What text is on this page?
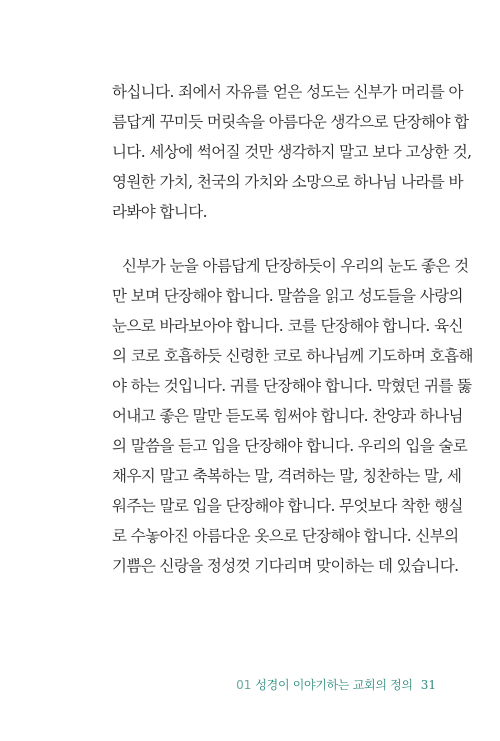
하십니다. 죄에서 자유를 얻은 성도는 신부가 머리를 아
름답게 꾸미듯 머릿속을 아름다운 생각으로 단장해야 합
니다. 세상에 썩어질 것만 생각하지 말고 보다 고상한 것,
영원한 가치, 천국의 가치와 소망으로 하나님 나라를 바
라봐야 합니다.
신부가 눈을 아름답게 단장하듯이 우리의 눈도 좋은 것
만 보며 단장해야 합니다. 말씀을 읽고 성도들을 사랑의
눈으로 바라보아야 합니다. 코를 단장해야 합니다. 육신
의 코로 호흡하듯 신령한 코로 하나님께 기도하며 호흡해
야 하는 것입니다. 귀를 단장해야 합니다. 막혔던 귀를 뚫
어내고 좋은 말만 듣도록 힘써야 합니다. 찬양과 하나님
의 말씀을 듣고 입을 단장해야 합니다. 우리의 입을 술로
채우지 말고 축복하는 말, 격려하는 말, 칭찬하는 말, 세
워주는 말로 입을 단장해야 합니다. 무엇보다 착한 행실
로 수놓아진 아름다운 옷으로 단장해야 합니다. 신부의
기쁨은 신랑을 정성껏 기다리며 맞이하는 데 있습니다.
01 성경이 이야기하는 교회의 정의 31
